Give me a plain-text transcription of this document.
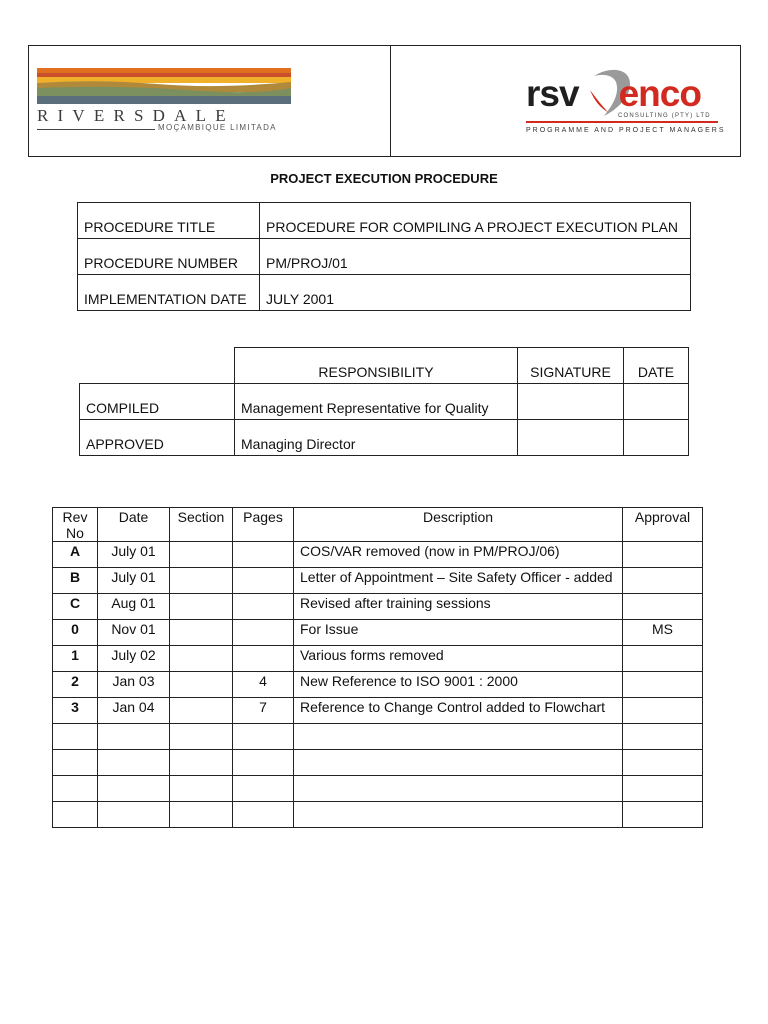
RIVERSDALE
MOÇAMBIQUE LIMITADA
rsv enco
CONSULTING (PTY) LTD
PROGRAMME AND PROJECT MANAGERS
PROJECT EXECUTION PROCEDURE
PROCEDURE TITLE	PROCEDURE FOR COMPILING A PROJECT EXECUTION PLAN
PROCEDURE NUMBER	PM/PROJ/01
IMPLEMENTATION DATE	JULY 2001
	RESPONSIBILITY	SIGNATURE	DATE
COMPILED	Management Representative for Quality		
APPROVED	Managing Director		
Rev No	Date	Section	Pages	Description	Approval
A	July 01			COS/VAR removed (now in PM/PROJ/06)	
B	July 01			Letter of Appointment – Site Safety Officer - added	
C	Aug 01			Revised after training sessions	
0	Nov 01			For Issue	MS
1	July 02			Various forms removed	
2	Jan 03		4	New Reference to ISO 9001 : 2000	
3	Jan 04		7	Reference to Change Control added to Flowchart	
